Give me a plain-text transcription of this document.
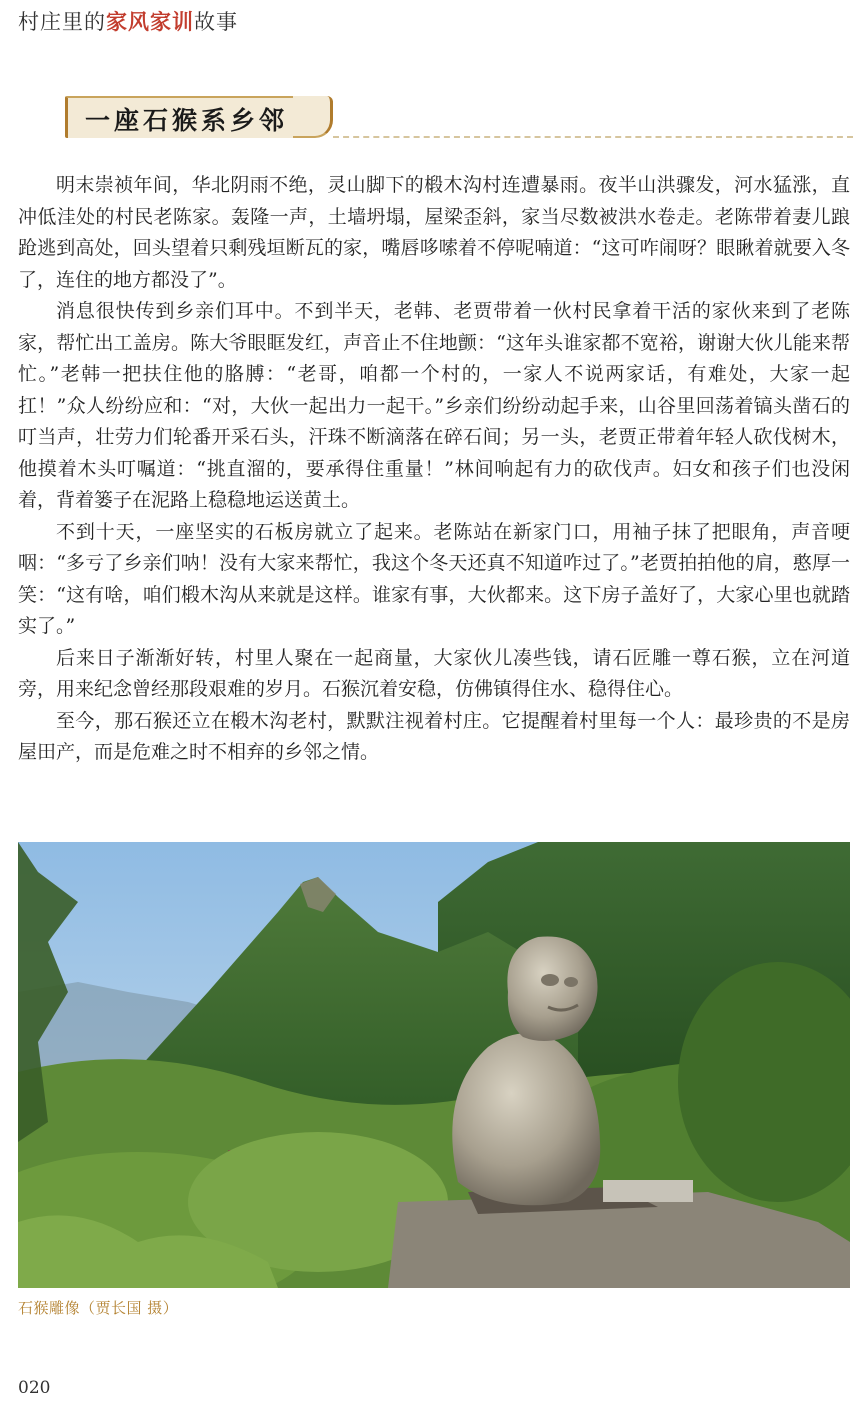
村庄里的 家风家训 故事
一座石猴系乡邻

明末崇祯年间，华北阴雨不绝，灵山脚下的椴木沟村连遭暴雨。夜半山洪骤发，河水猛涨，直冲低洼处的村民老陈家。轰隆一声，土墙坍塌，屋梁歪斜，家当尽数被洪水卷走。老陈带着妻儿踉跄逃到高处，回头望着只剩残垣断瓦的家，嘴唇哆嗦着不停呢喃道：“这可咋闹呀？眼瞅着就要入冬了，连住的地方都没了”。

消息很快传到乡亲们耳中。不到半天，老韩、老贾带着一伙村民拿着干活的家伙来到了老陈家，帮忙出工盖房。陈大爷眼眶发红，声音止不住地颤：“这年头谁家都不宽裕，谢谢大伙儿能来帮忙。”老韩一把扶住他的胳膊：“老哥，咱都一个村的，一家人不说两家话，有难处，大家一起扛！”众人纷纷应和：“对，大伙一起出力一起干。”乡亲们纷纷动起手来，山谷里回荡着镐头凿石的叮当声，壮劳力们轮番开采石头，汗珠不断滴落在碎石间；另一头，老贾正带着年轻人砍伐树木，他摸着木头叮嘱道：“挑直溜的，要承得住重量！”林间响起有力的砍伐声。妇女和孩子们也没闲着，背着篓子在泥路上稳稳地运送黄土。

不到十天，一座坚实的石板房就立了起来。老陈站在新家门口，用袖子抹了把眼角，声音哽咽：“多亏了乡亲们呐！没有大家来帮忙，我这个冬天还真不知道咋过了。”老贾拍拍他的肩，憨厚一笑：“这有啥，咱们椴木沟从来就是这样。谁家有事，大伙都来。这下房子盖好了，大家心里也就踏实了。”

后来日子渐渐好转，村里人聚在一起商量，大家伙儿凑些钱，请石匠雕一尊石猴，立在河道旁，用来纪念曾经那段艰难的岁月。石猴沉着安稳，仿佛镇得住水、稳得住心。

至今，那石猴还立在椴木沟老村，默默注视着村庄。它提醒着村里每一个人：最珍贵的不是房屋田产，而是危难之时不相弃的乡邻之情。

石猴雕像（贾长国 摄）
020
